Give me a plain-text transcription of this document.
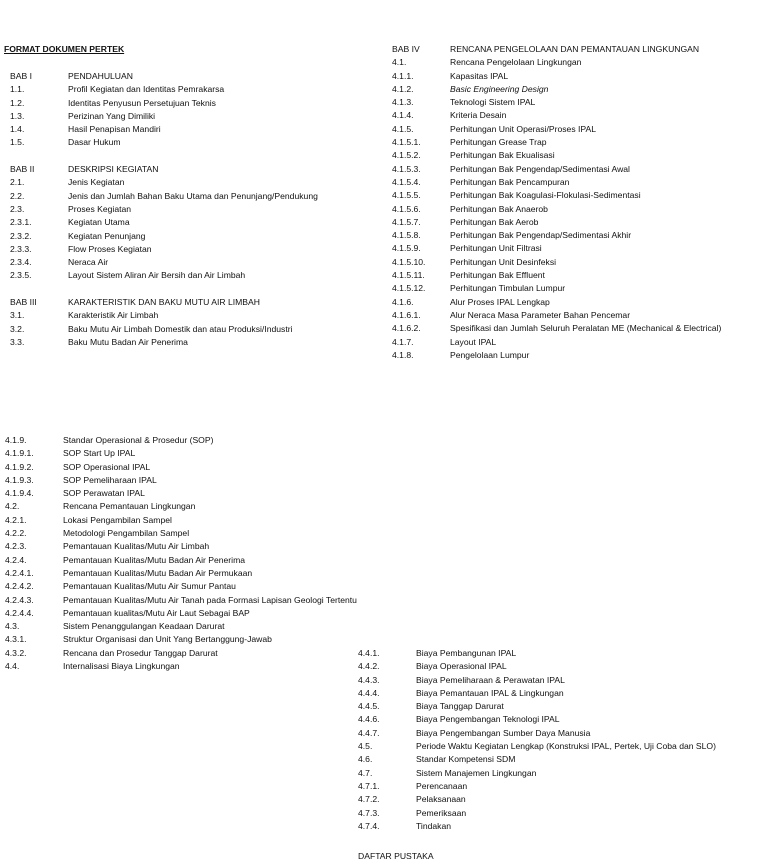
FORMAT DOKUMEN PERTEK
BAB I	PENDAHULUAN
1.1.	Profil Kegiatan dan Identitas Pemrakarsa
1.2.	Identitas Penyusun Persetujuan Teknis
1.3.	Perizinan Yang Dimiliki
1.4.	Hasil Penapisan Mandiri
1.5.	Dasar Hukum
BAB II	DESKRIPSI KEGIATAN
2.1.	Jenis Kegiatan
2.2.	Jenis dan Jumlah Bahan Baku Utama dan Penunjang/Pendukung
2.3.	Proses Kegiatan
2.3.1.	Kegiatan Utama
2.3.2.	Kegiatan Penunjang
2.3.3.	Flow Proses Kegiatan
2.3.4.	Neraca Air
2.3.5.	Layout Sistem Aliran Air Bersih dan Air Limbah
BAB III	KARAKTERISTIK DAN BAKU MUTU AIR LIMBAH
3.1.	Karakteristik Air Limbah
3.2.	Baku Mutu Air Limbah Domestik dan atau Produksi/Industri
3.3.	Baku Mutu Badan Air Penerima
BAB IV	RENCANA PENGELOLAAN DAN PEMANTAUAN LINGKUNGAN
4.1.	Rencana Pengelolaan Lingkungan
4.1.1.	Kapasitas IPAL
4.1.2.	Basic Engineering Design
4.1.3.	Teknologi Sistem IPAL
4.1.4.	Kriteria Desain
4.1.5.	Perhitungan Unit Operasi/Proses IPAL
4.1.5.1.	Perhitungan Grease Trap
4.1.5.2.	Perhitungan Bak Ekualisasi
4.1.5.3.	Perhitungan Bak Pengendap/Sedimentasi Awal
4.1.5.4.	Perhitungan Bak Pencampuran
4.1.5.5.	Perhitungan Bak Koagulasi-Flokulasi-Sedimentasi
4.1.5.6.	Perhitungan Bak Anaerob
4.1.5.7.	Perhitungan Bak Aerob
4.1.5.8.	Perhitungan Bak Pengendap/Sedimentasi Akhir
4.1.5.9.	Perhitungan Unit Filtrasi
4.1.5.10.	Perhitungan Unit Desinfeksi
4.1.5.11.	Perhitungan Bak Effluent
4.1.5.12.	Perhitungan Timbulan Lumpur
4.1.6.	Alur Proses IPAL Lengkap
4.1.6.1.	Alur Neraca Masa Parameter Bahan Pencemar
4.1.6.2.	Spesifikasi dan Jumlah Seluruh Peralatan ME (Mechanical & Electrical)
4.1.7.	Layout IPAL
4.1.8.	Pengelolaan Lumpur
4.1.9.	Standar Operasional & Prosedur (SOP)
4.1.9.1.	SOP Start Up IPAL
4.1.9.2.	SOP Operasional IPAL
4.1.9.3.	SOP Pemeliharaan IPAL
4.1.9.4.	SOP Perawatan IPAL
4.2.	Rencana Pemantauan Lingkungan
4.2.1.	Lokasi Pengambilan Sampel
4.2.2.	Metodologi Pengambilan Sampel
4.2.3.	Pemantauan Kualitas/Mutu Air Limbah
4.2.4.	Pemantauan Kualitas/Mutu Badan Air Penerima
4.2.4.1.	Pemantauan Kualitas/Mutu Badan Air Permukaan
4.2.4.2.	Pemantauan Kualitas/Mutu Air Sumur Pantau
4.2.4.3.	Pemantauan Kualitas/Mutu Air Tanah pada Formasi Lapisan Geologi Tertentu
4.2.4.4.	Pemantauan kualitas/Mutu Air Laut Sebagai BAP
4.3.	Sistem Penanggulangan Keadaan Darurat
4.3.1.	Struktur Organisasi dan Unit Yang Bertanggung-Jawab
4.3.2.	Rencana dan Prosedur Tanggap Darurat
4.4.	Internalisasi Biaya Lingkungan
4.4.1.	Biaya Pembangunan IPAL
4.4.2.	Biaya Operasional IPAL
4.4.3.	Biaya Pemeliharaan & Perawatan IPAL
4.4.4.	Biaya Pemantauan IPAL & Lingkungan
4.4.5.	Biaya Tanggap Darurat
4.4.6.	Biaya Pengembangan Teknologi IPAL
4.4.7.	Biaya Pengembangan Sumber Daya Manusia
4.5.	Periode Waktu Kegiatan Lengkap (Konstruksi IPAL, Pertek, Uji Coba dan SLO)
4.6.	Standar Kompetensi SDM
4.7.	Sistem Manajemen Lingkungan
4.7.1.	Perencanaan
4.7.2.	Pelaksanaan
4.7.3.	Pemeriksaan
4.7.4.	Tindakan
DAFTAR PUSTAKA
